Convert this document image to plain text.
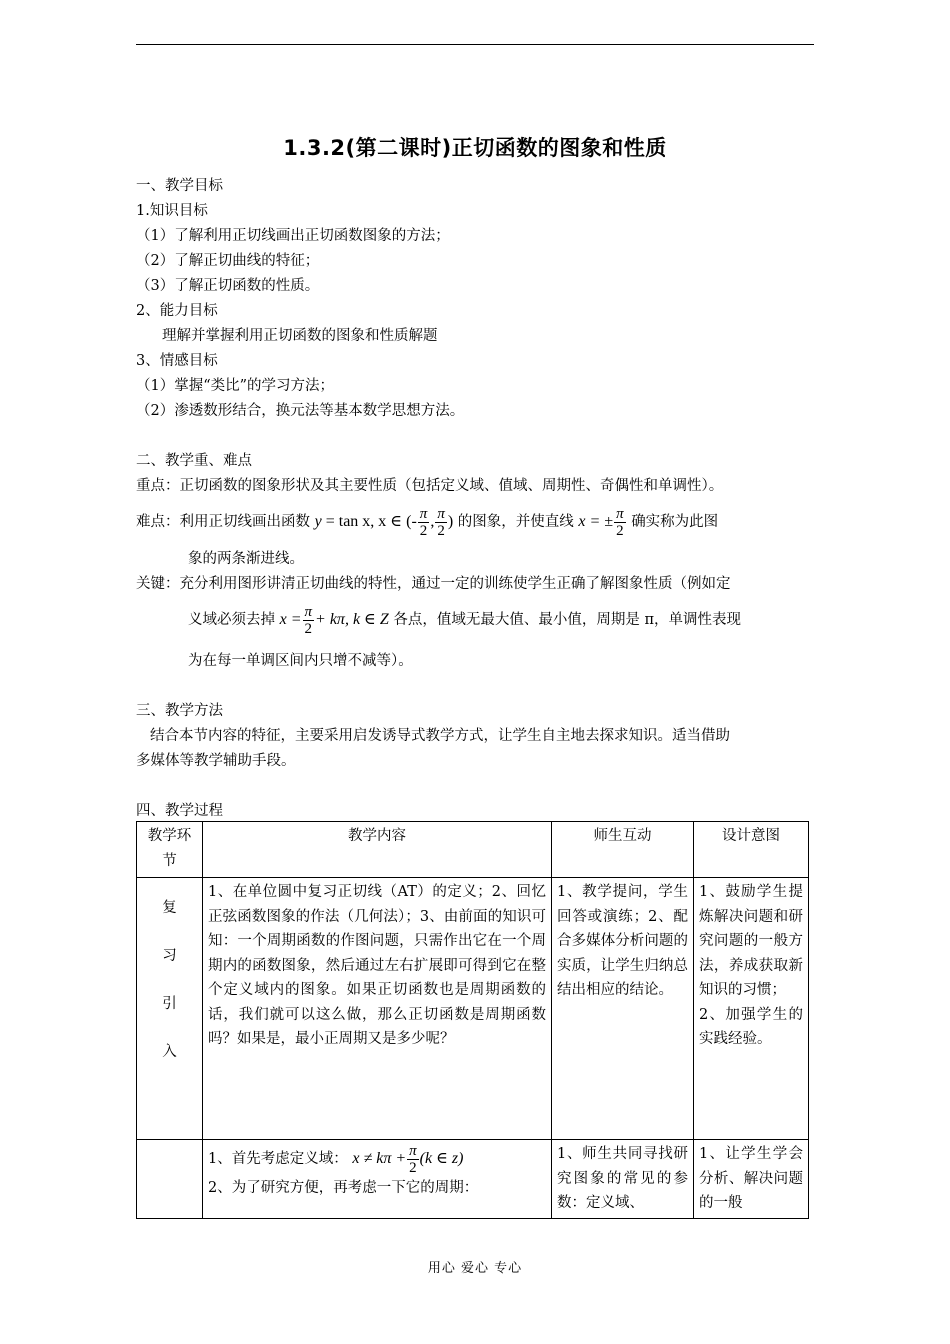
1.3.2(第二课时)正切函数的图象和性质
一、教学目标
1.知识目标
（1）了解利用正切线画出正切函数图象的方法；
（2）了解正切曲线的特征；
（3）了解正切函数的性质。
2、能力目标
理解并掌握利用正切函数的图象和性质解题
3、情感目标
（1）掌握“类比”的学习方法；
（2）渗透数形结合，换元法等基本数学思想方法。
二、教学重、难点
重点：正切函数的图象形状及其主要性质（包括定义域、值域、周期性、奇偶性和单调性）。
难点：利用正切线画出函数 y = tan x, x ∈ (- $\frac{\pi}{2}$ , $\frac{\pi}{2}$ ) 的图象，并使直线 x = ± $\frac{\pi}{2}$ 确实称为此图
象的两条渐进线。
关键：充分利用图形讲清正切曲线的特性，通过一定的训练使学生正确了解图象性质（例如定
义域必须去掉 $x = \frac{\pi}{2} + k\pi$, k ∈ Z 各点，值域无最大值、最小值，周期是 π，单调性表现
为在每一单调区间内只增不减等）。
三、教学方法
结合本节内容的特征，主要采用启发诱导式教学方式，让学生自主地去探求知识。适当借助
多媒体等教学辅助手段。
四、教学过程
教学环节	教学内容	师生互动	设计意图
复习引入	1、在单位圆中复习正切线（AT）的定义；2、回忆正弦函数图象的作法（几何法）；3、由前面的知识可知：一个周期函数的作图问题，只需作出它在一个周期内的函数图象，然后通过左右扩展即可得到它在整个定义域内的图象。如果正切函数也是周期函数的话，我们就可以这么做，那么正切函数是周期函数吗？如果是，最小正周期又是多少呢？	1、教学提问，学生回答或演练；2、配合多媒体分析问题的实质，让学生归纳总结出相应的结论。	1、鼓励学生提炼解决问题和研究问题的一般方法，养成获取新知识的习惯；
2、加强学生的实践经验。

	1、首先考虑定义域： $x \ne k\pi + \frac{\pi}{2} (k$ ∈ z)
2、为了研究方便，再考虑一下它的周期：	1、师生共同寻找研究图象的常见的参数：定义域、	1、让学生学会分析、解决问题的一般
用心 爱心 专心
